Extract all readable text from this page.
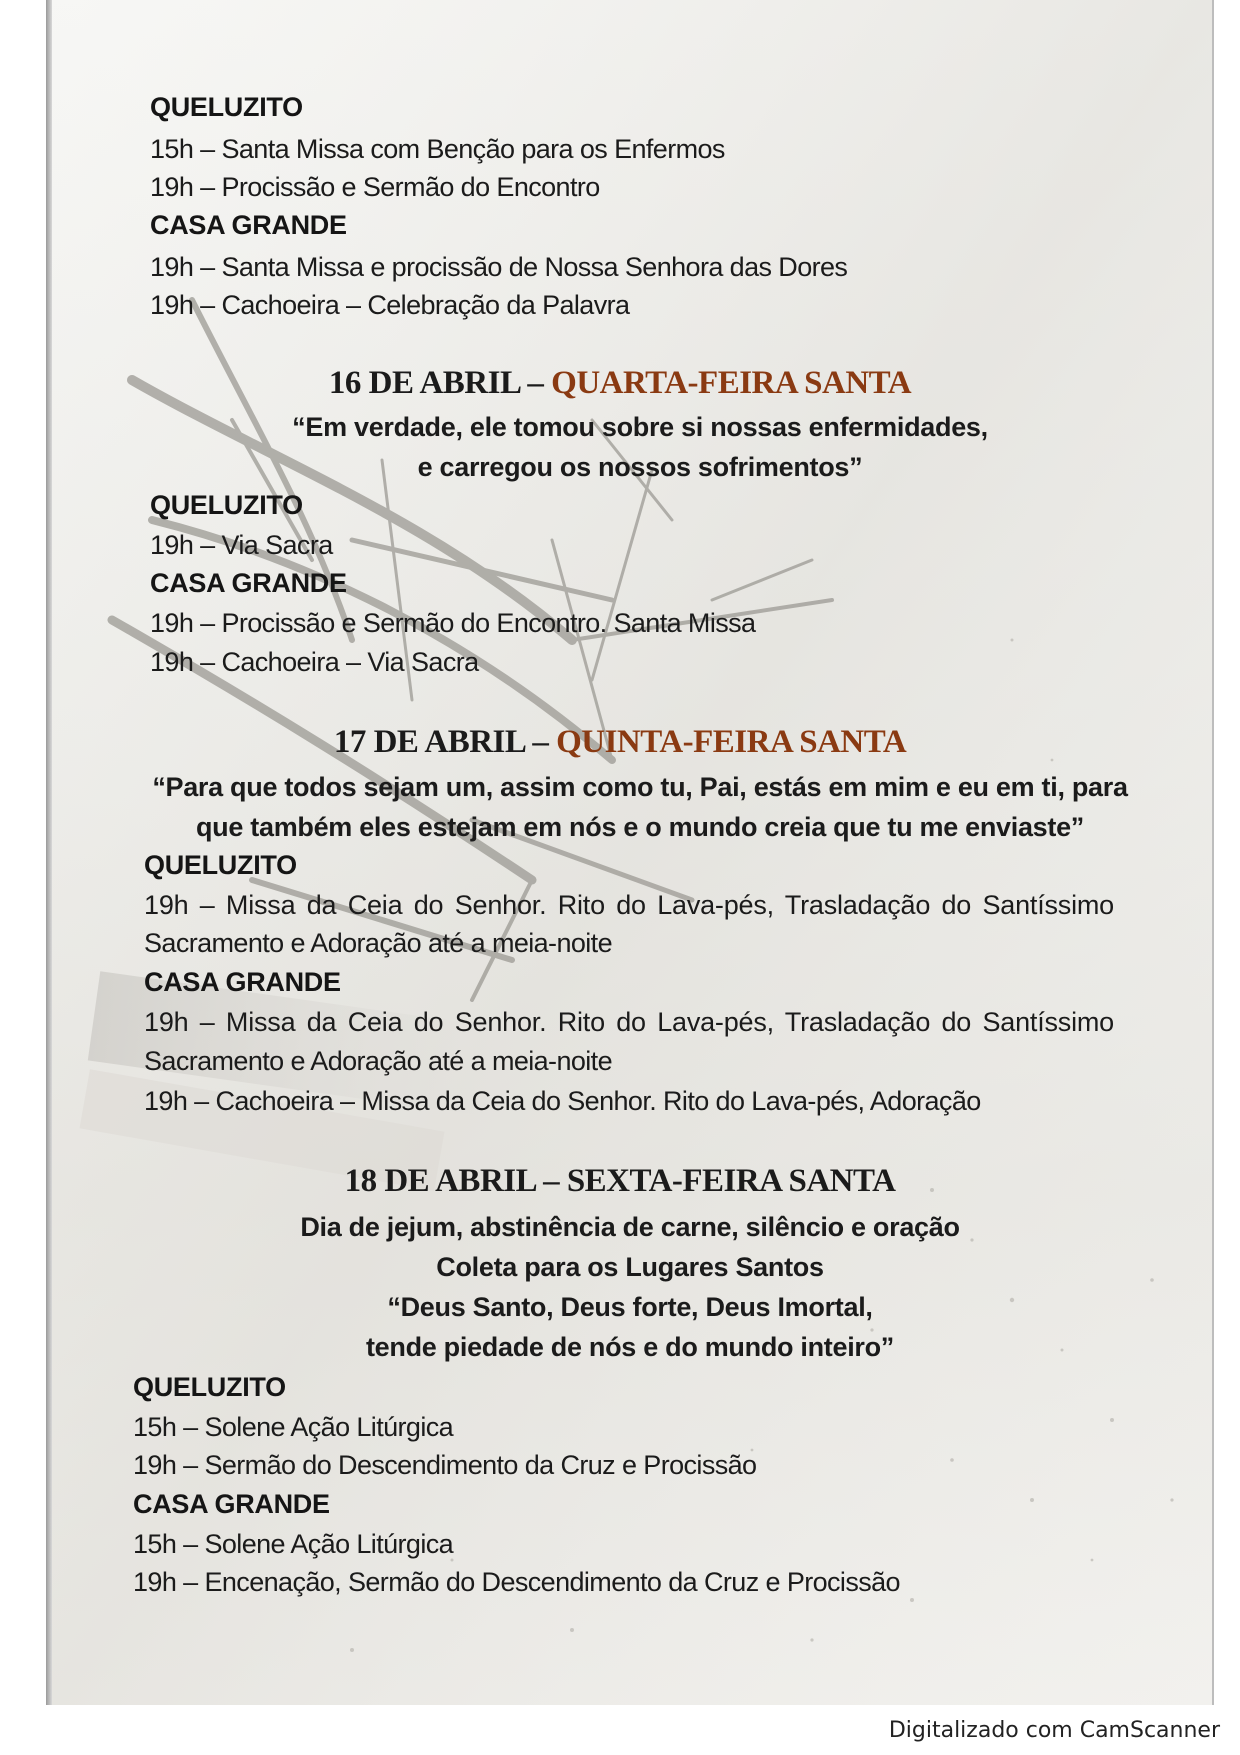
QUELUZITO
15h – Santa Missa com Benção para os Enfermos
19h – Procissão e Sermão do Encontro
CASA GRANDE
19h – Santa Missa e procissão de Nossa Senhora das Dores
19h – Cachoeira – Celebração da Palavra
16 DE ABRIL – QUARTA-FEIRA SANTA
“Em verdade, ele tomou sobre si nossas enfermidades,
e carregou os nossos sofrimentos”
QUELUZITO
19h – Via Sacra
CASA GRANDE
19h – Procissão e Sermão do Encontro. Santa Missa
19h – Cachoeira – Via Sacra
17 DE ABRIL – QUINTA-FEIRA SANTA
“Para que todos sejam um, assim como tu, Pai, estás em mim e eu em ti, para
que também eles estejam em nós e o mundo creia que tu me enviaste”
QUELUZITO
19h – Missa da Ceia do Senhor. Rito do Lava-pés, Trasladação do Santíssimo
Sacramento e Adoração até a meia-noite
CASA GRANDE
19h – Missa da Ceia do Senhor. Rito do Lava-pés, Trasladação do Santíssimo
Sacramento e Adoração até a meia-noite
19h – Cachoeira – Missa da Ceia do Senhor. Rito do Lava-pés, Adoração
18 DE ABRIL – SEXTA-FEIRA SANTA
Dia de jejum, abstinência de carne, silêncio e oração
Coleta para os Lugares Santos
“Deus Santo, Deus forte, Deus Imortal,
tende piedade de nós e do mundo inteiro”
QUELUZITO
15h – Solene Ação Litúrgica
19h – Sermão do Descendimento da Cruz e Procissão
CASA GRANDE
15h – Solene Ação Litúrgica
19h – Encenação, Sermão do Descendimento da Cruz e Procissão
Digitalizado com CamScanner
